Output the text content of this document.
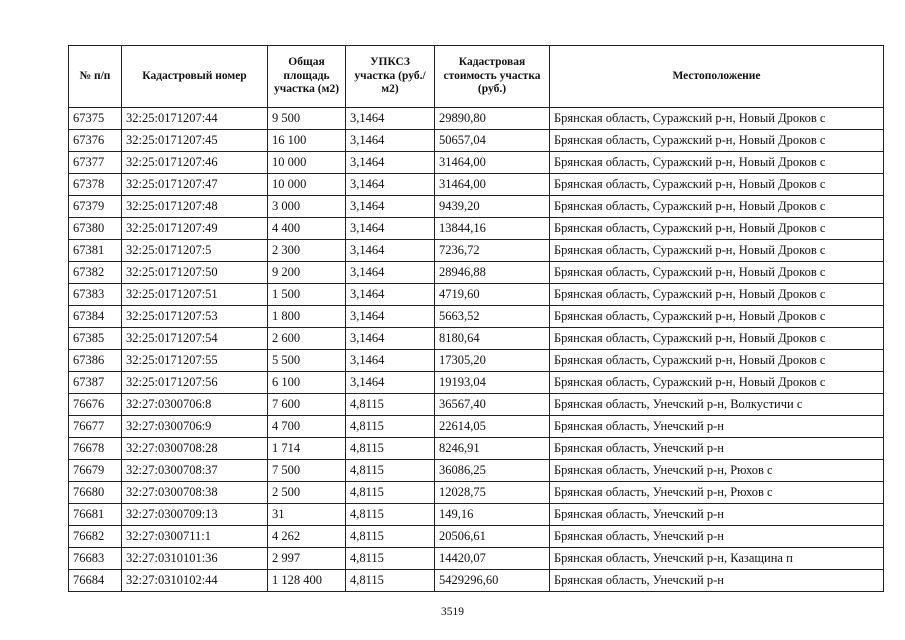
№ п/п	Кадастровый номер	Общая площадь участка (м2)	УПКСЗ участка (руб./м2)	Кадастровая стоимость участка (руб.)	Местоположение
67375	32:25:0171207:44	9 500	3,1464	29890,80	Брянская область, Суражский р-н, Новый Дроков с
67376	32:25:0171207:45	16 100	3,1464	50657,04	Брянская область, Суражский р-н, Новый Дроков с
67377	32:25:0171207:46	10 000	3,1464	31464,00	Брянская область, Суражский р-н, Новый Дроков с
67378	32:25:0171207:47	10 000	3,1464	31464,00	Брянская область, Суражский р-н, Новый Дроков с
67379	32:25:0171207:48	3 000	3,1464	9439,20	Брянская область, Суражский р-н, Новый Дроков с
67380	32:25:0171207:49	4 400	3,1464	13844,16	Брянская область, Суражский р-н, Новый Дроков с
67381	32:25:0171207:5	2 300	3,1464	7236,72	Брянская область, Суражский р-н, Новый Дроков с
67382	32:25:0171207:50	9 200	3,1464	28946,88	Брянская область, Суражский р-н, Новый Дроков с
67383	32:25:0171207:51	1 500	3,1464	4719,60	Брянская область, Суражский р-н, Новый Дроков с
67384	32:25:0171207:53	1 800	3,1464	5663,52	Брянская область, Суражский р-н, Новый Дроков с
67385	32:25:0171207:54	2 600	3,1464	8180,64	Брянская область, Суражский р-н, Новый Дроков с
67386	32:25:0171207:55	5 500	3,1464	17305,20	Брянская область, Суражский р-н, Новый Дроков с
67387	32:25:0171207:56	6 100	3,1464	19193,04	Брянская область, Суражский р-н, Новый Дроков с
76676	32:27:0300706:8	7 600	4,8115	36567,40	Брянская область, Унечский р-н, Волкустичи с
76677	32:27:0300706:9	4 700	4,8115	22614,05	Брянская область, Унечский р-н
76678	32:27:0300708:28	1 714	4,8115	8246,91	Брянская область, Унечский р-н
76679	32:27:0300708:37	7 500	4,8115	36086,25	Брянская область, Унечский р-н, Рюхов с
76680	32:27:0300708:38	2 500	4,8115	12028,75	Брянская область, Унечский р-н, Рюхов с
76681	32:27:0300709:13	31	4,8115	149,16	Брянская область, Унечский р-н
76682	32:27:0300711:1	4 262	4,8115	20506,61	Брянская область, Унечский р-н
76683	32:27:0310101:36	2 997	4,8115	14420,07	Брянская область, Унечский р-н, Казащина п
76684	32:27:0310102:44	1 128 400	4,8115	5429296,60	Брянская область, Унечский р-н
3519
